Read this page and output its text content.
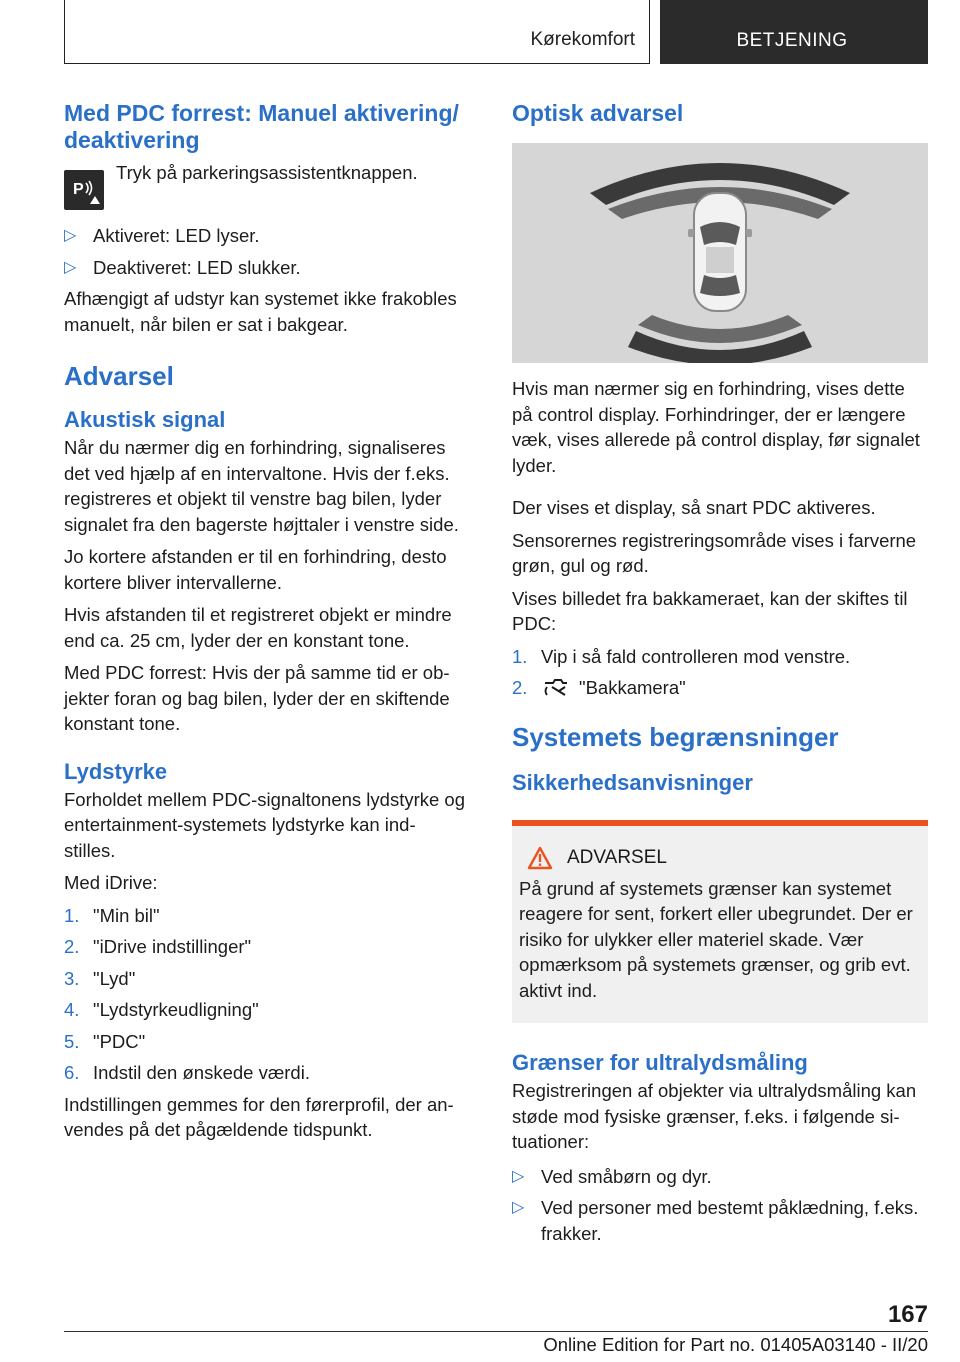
Kørekomfort	BETJENING
Med PDC forrest: Manuel aktivering/ deaktivering
P

Tryk på parkeringsassistentknappen.

▷ Aktiveret: LED lyser.
▷ Deaktiveret: LED slukker.

Afhængigt af udstyr kan systemet ikke frakobles manuelt, når bilen er sat i bakgear.

Advarsel
Akustisk signal

Når du nærmer dig en forhindring, signaliseres det ved hjælp af en intervaltone. Hvis der f.eks. registreres et objekt til venstre bag bilen, lyder signalet fra den bagerste højttaler i venstre side.

Jo kortere afstanden er til en forhindring, desto kortere bliver intervallerne.

Hvis afstanden til et registreret objekt er mindre end ca. 25 cm, lyder der en konstant tone.

Med PDC forrest: Hvis der på samme tid er ob‐ jekter foran og bag bilen, lyder der en skiftende konstant tone.

Lydstyrke

Forholdet mellem PDC-signaltonens lydstyrke og entertainment-systemets lydstyrke kan ind‐ stilles.

Med iDrive:

1. "Min bil"
2. "iDrive indstillinger"
3. "Lyd"
4. "Lydstyrkeudligning"
5. "PDC"
6. Indstil den ønskede værdi.

Indstillingen gemmes for den førerprofil, der an‐ vendes på det pågældende tidspunkt.

Optisk advarsel

Hvis man nærmer sig en forhindring, vises dette på control display. Forhindringer, der er længere væk, vises allerede på control display, før signalet lyder.

Der vises et display, så snart PDC aktiveres.

Sensorernes registreringsområde vises i farverne grøn, gul og rød.

Vises billedet fra bakkameraet, kan der skiftes til PDC:

1. Vip i så fald controlleren mod venstre.
2.	"Bakkamera"
Systemets begrænsninger
Sikkerhedsanvisninger
ADVARSEL

På grund af systemets grænser kan systemet reagere for sent, forkert eller ubegrundet. Der er risiko for ulykker eller materiel skade. Vær opmærksom på systemets grænser, og grib evt. aktivt ind.

Grænser for ultralydsmåling

Registreringen af objekter via ultralydsmåling kan støde mod fysiske grænser, f.eks. i følgende si‐ tuationer:

▷ Ved småbørn og dyr.
▷ Ved personer med bestemt påklædning, f.eks. frakker.
167
Online Edition for Part no. 01405A03140 - II/20
